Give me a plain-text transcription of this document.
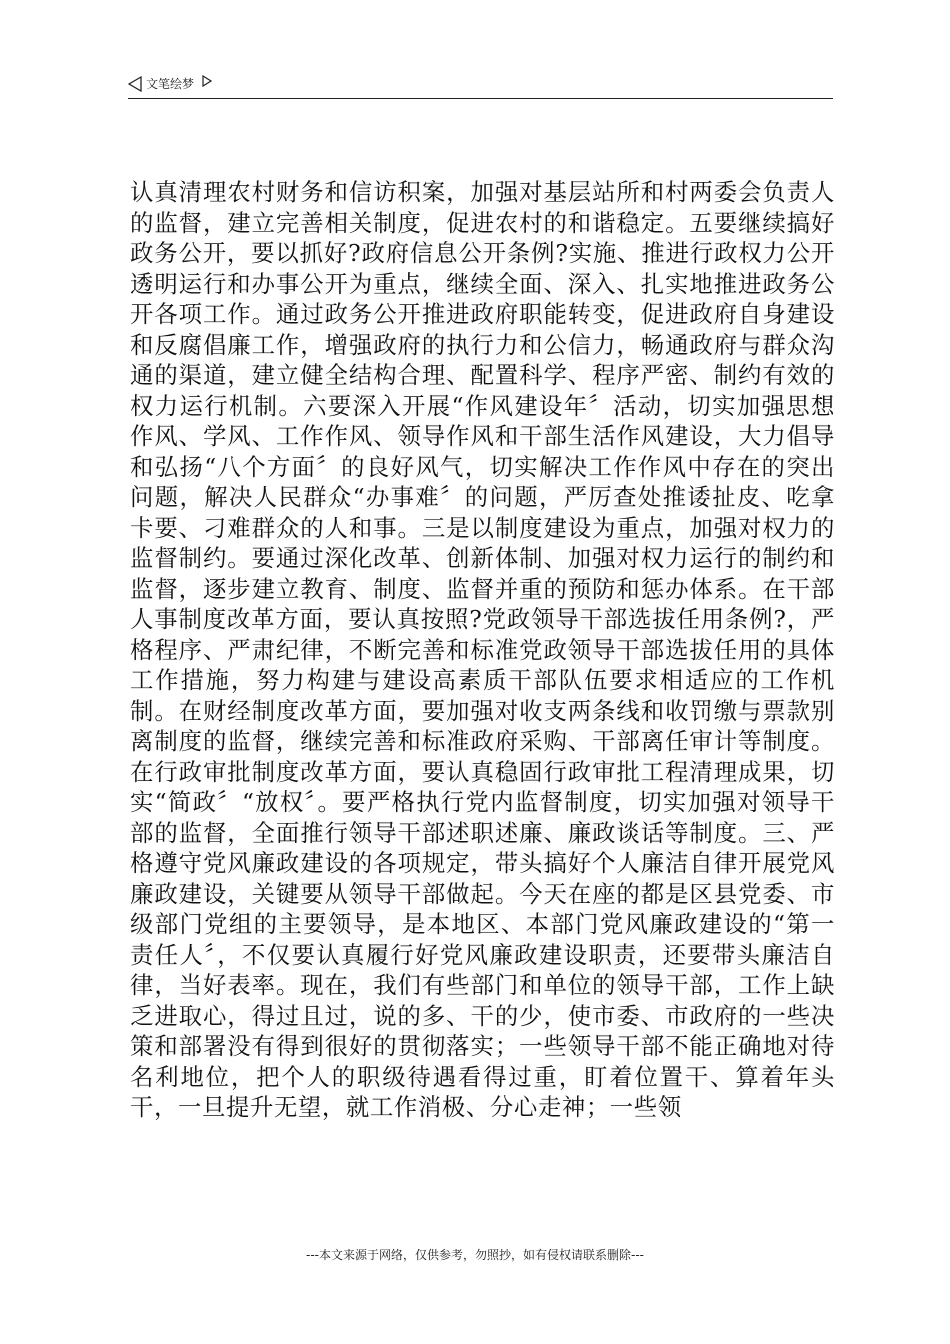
文笔绘梦

认真清理农村财务和信访积案，加强对基层站所和村两委会负责人的监督，建立完善相关制度，促进农村的和谐稳定。五要继续搞好政务公开，要以抓好?政府信息公开条例?实施、推进行政权力公开透明运行和办事公开为重点，继续全面、深入、扎实地推进政务公开各项工作。通过政务公开推进政府职能转变，促进政府自身建设和反腐倡廉工作，增强政府的执行力和公信力，畅通政府与群众沟通的渠道，建立健全结构合理、配置科学、程序严密、制约有效的权力运行机制。六要深入开展“作风建设年〞活动，切实加强思想作风、学风、工作作风、领导作风和干部生活作风建设，大力倡导和弘扬“八个方面〞的良好风气，切实解决工作作风中存在的突出问题，解决人民群众“办事难〞的问题，严厉查处推诿扯皮、吃拿卡要、刁难群众的人和事。三是以制度建设为重点，加强对权力的监督制约。要通过深化改革、创新体制、加强对权力运行的制约和监督，逐步建立教育、制度、监督并重的预防和惩办体系。在干部人事制度改革方面，要认真按照?党政领导干部选拔任用条例?，严格程序、严肃纪律，不断完善和标准党政领导干部选拔任用的具体工作措施，努力构建与建设高素质干部队伍要求相适应的工作机制。在财经制度改革方面，要加强对收支两条线和收罚缴与票款别离制度的监督，继续完善和标准政府采购、干部离任审计等制度。在行政审批制度改革方面，要认真稳固行政审批工程清理成果，切实“简政〞“放权〞。要严格执行党内监督制度，切实加强对领导干部的监督，全面推行领导干部述职述廉、廉政谈话等制度。三、严格遵守党风廉政建设的各项规定，带头搞好个人廉洁自律开展党风廉政建设，关键要从领导干部做起。今天在座的都是区县党委、市级部门党组的主要领导，是本地区、本部门党风廉政建设的“第一责任人〞，不仅要认真履行好党风廉政建设职责，还要带头廉洁自律，当好表率。现在，我们有些部门和单位的领导干部，工作上缺乏进取心，得过且过，说的多、干的少，使市委、市政府的一些决策和部署没有得到很好的贯彻落实；一些领导干部不能正确地对待名利地位，把个人的职级待遇看得过重，盯着位置干、算着年头干，一旦提升无望，就工作消极、分心走神；一些领

---本文来源于网络，仅供参考，勿照抄，如有侵权请联系删除---
